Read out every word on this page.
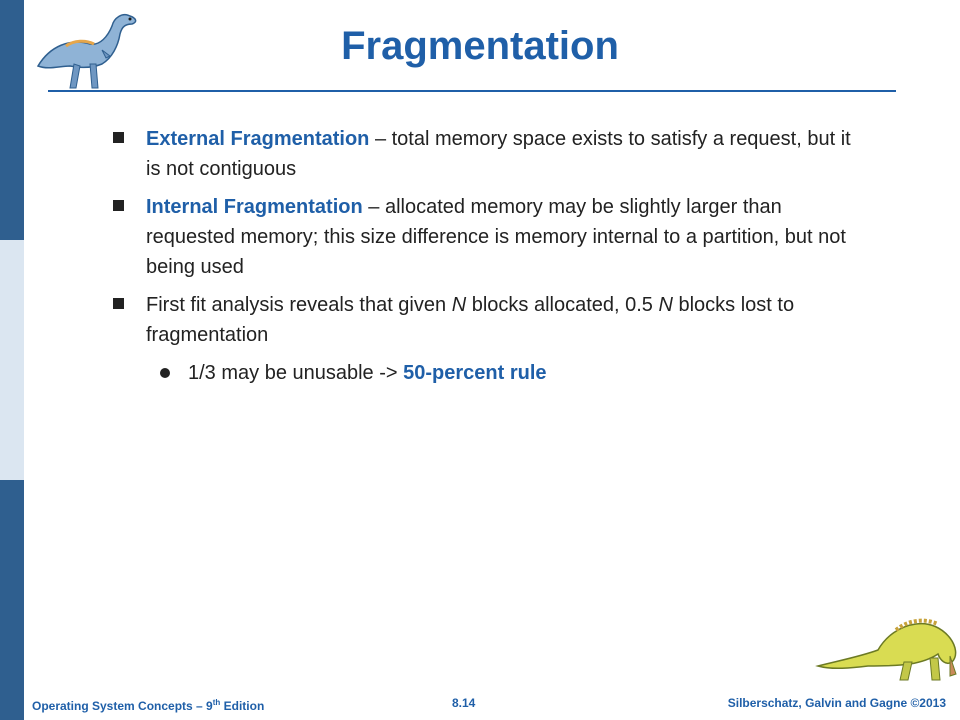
Fragmentation
External Fragmentation – total memory space exists to satisfy a request, but it is not contiguous
Internal Fragmentation – allocated memory may be slightly larger than requested memory; this size difference is memory internal to a partition, but not being used
First fit analysis reveals that given N blocks allocated, 0.5 N blocks lost to fragmentation
1/3 may be unusable -> 50-percent rule
Operating System Concepts – 9th Edition	8.14	Silberschatz, Galvin and Gagne ©2013
